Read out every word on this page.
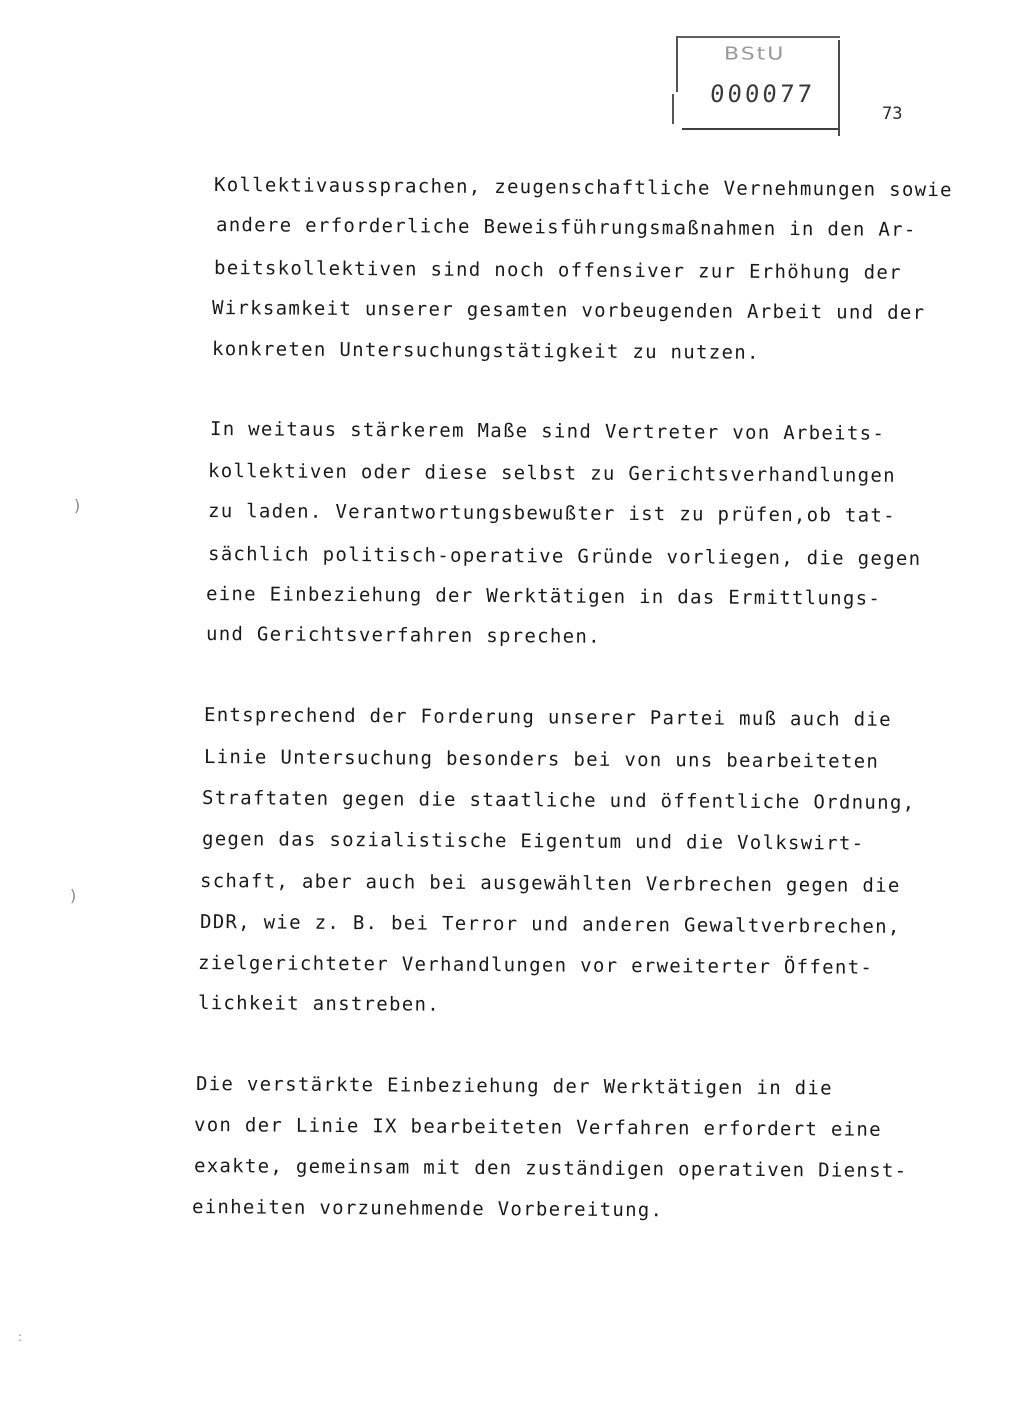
BStU
000077
73
Kollektivaussprachen, zeugenschaftliche Vernehmungen sowie
andere erforderliche Beweisführungsmaßnahmen in den Ar-
beitskollektiven sind noch offensiver zur Erhöhung der
Wirksamkeit unserer gesamten vorbeugenden Arbeit und der
konkreten Untersuchungstätigkeit zu nutzen.
In weitaus stärkerem Maße sind Vertreter von Arbeits-
kollektiven oder diese selbst zu Gerichtsverhandlungen
zu laden. Verantwortungsbewußter ist zu prüfen,ob tat-
sächlich politisch-operative Gründe vorliegen, die gegen
eine Einbeziehung der Werktätigen in das Ermittlungs-
und Gerichtsverfahren sprechen.
Entsprechend der Forderung unserer Partei muß auch die
Linie Untersuchung besonders bei von uns bearbeiteten
Straftaten gegen die staatliche und öffentliche Ordnung,
gegen das sozialistische Eigentum und die Volkswirt-
schaft, aber auch bei ausgewählten Verbrechen gegen die
DDR, wie z. B. bei Terror und anderen Gewaltverbrechen,
zielgerichteter Verhandlungen vor erweiterter Öffent-
lichkeit anstreben.
Die verstärkte Einbeziehung der Werktätigen in die
von der Linie IX bearbeiteten Verfahren erfordert eine
exakte, gemeinsam mit den zuständigen operativen Dienst-
einheiten vorzunehmende Vorbereitung.
)
)
:
